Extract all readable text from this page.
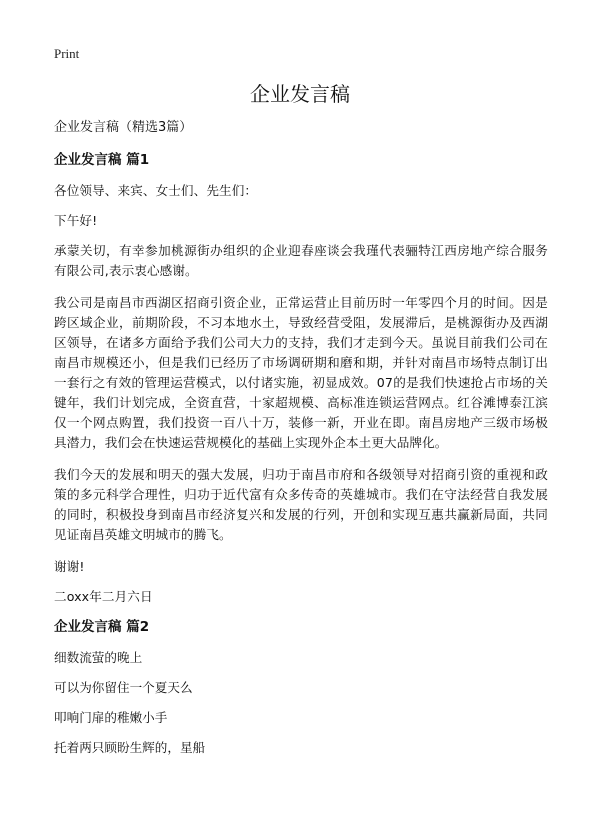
Print
企业发言稿

企业发言稿（精选3篇）

企业发言稿 篇1

各位领导、来宾、女士们、先生们：

下午好!

承蒙关切，有幸参加桃源街办组织的企业迎春座谈会我瑾代表骊特江西房地产综合服务有限公司,表示衷心感谢。

我公司是南昌市西湖区招商引资企业，正常运营止目前历时一年零四个月的时间。因是跨区域企业，前期阶段，不习本地水土，导致经营受阻，发展滞后，是桃源街办及西湖区领导，在诸多方面给予我们公司大力的支持，我们才走到今天。虽说目前我们公司在南昌市规模还小，但是我们已经历了市场调研期和磨和期，并针对南昌市场特点制订出一套行之有效的管理运营模式，以付诸实施，初显成效。07的是我们快速抢占市场的关键年，我们计划完成，全资直营，十家超规模、高标准连锁运营网点。红谷滩博泰江滨仅一个网点购置，我们投资一百八十万，装修一新，开业在即。南昌房地产三级市场极具潜力，我们会在快速运营规模化的基础上实现外企本土更大品牌化。

我们今天的发展和明天的强大发展，归功于南昌市府和各级领导对招商引资的重视和政策的多元科学合理性，归功于近代富有众多传奇的英雄城市。我们在守法经营自我发展的同时，积极投身到南昌市经济复兴和发展的行列，开创和实现互惠共赢新局面，共同见证南昌英雄文明城市的腾飞。

谢谢!

二oxx年二月六日

企业发言稿 篇2

细数流萤的晚上

可以为你留住一个夏天么

叩响门扉的稚嫩小手

托着两只顾盼生辉的，星船
